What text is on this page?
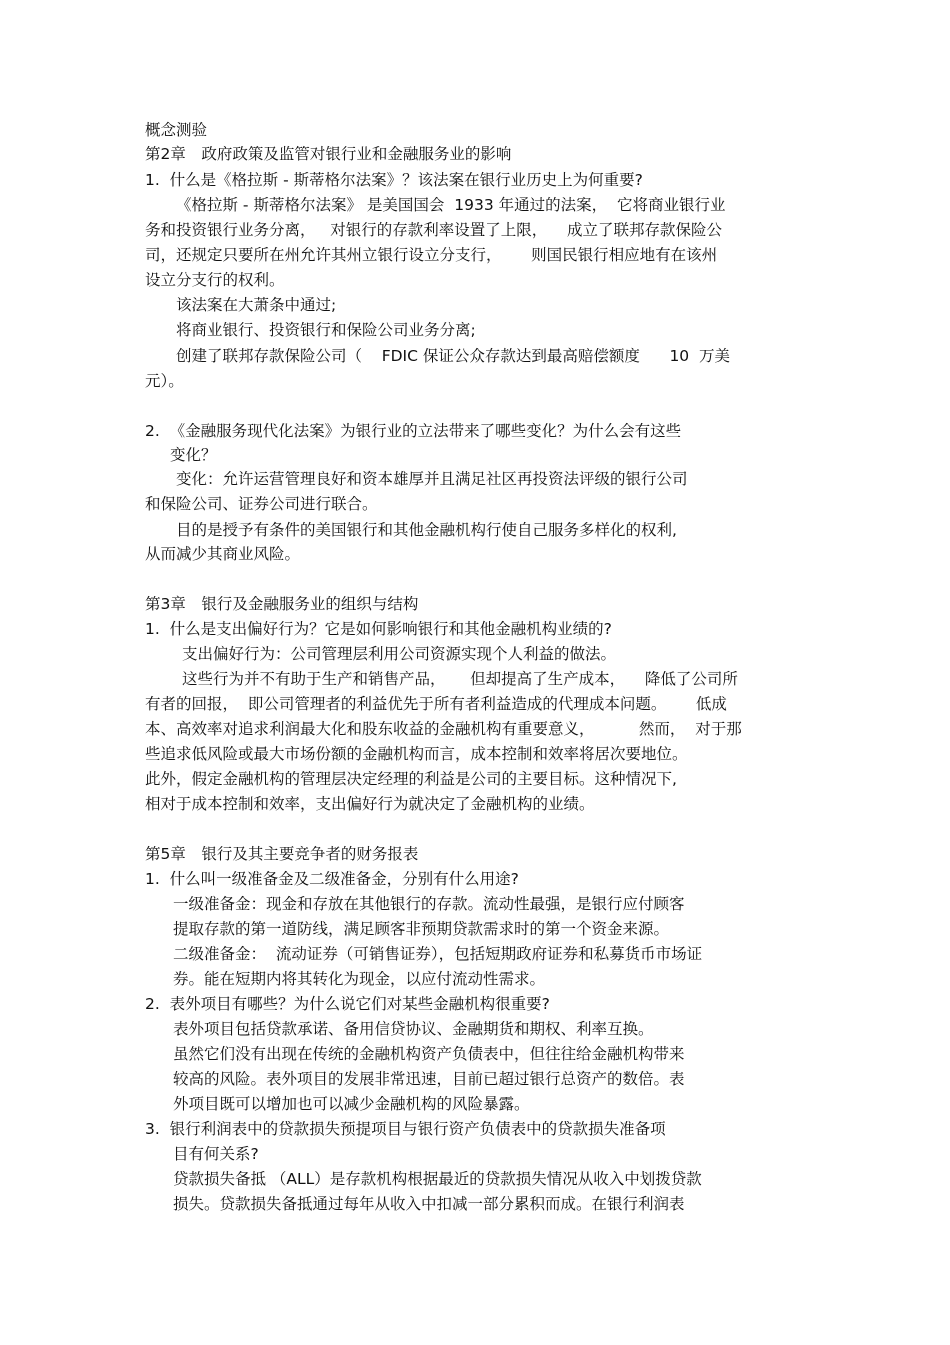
概念测验
第2章　政府政策及监管对银行业和金融服务业的影响
1.  什么是《格拉斯 - 斯蒂格尔法案》？该法案在银行业历史上为何重要?
《格拉斯 - 斯蒂格尔法案》 是美国国会  1933 年通过的法案，  它将商业银行业
务和投资银行业务分离，   对银行的存款利率设置了上限，    成立了联邦存款保险公
司，还规定只要所在州允许其州立银行设立分支行，      则国民银行相应地有在该州
设立分支行的权利。
该法案在大萧条中通过;
将商业银行、投资银行和保险公司业务分离;
创建了联邦存款保险公司（    FDIC 保证公众存款达到最高赔偿额度      10  万美
元）。
2.  《金融服务现代化法案》为银行业的立法带来了哪些变化？为什么会有这些
变化？
变化：允许运营管理良好和资本雄厚并且满足社区再投资法评级的银行公司
和保险公司、证券公司进行联合。
目的是授予有条件的美国银行和其他金融机构行使自己服务多样化的权利,
从而减少其商业风险。
第3章　银行及金融服务业的组织与结构
1.  什么是支出偏好行为？它是如何影响银行和其他金融机构业绩的?
支出偏好行为：公司管理层利用公司资源实现个人利益的做法。
这些行为并不有助于生产和销售产品，     但却提高了生产成本，    降低了公司所
有者的回报，  即公司管理者的利益优先于所有者利益造成的代理成本问题。      低成
本、高效率对追求利润最大化和股东收益的金融机构有重要意义，         然而，  对于那
些追求低风险或最大市场份额的金融机构而言，成本控制和效率将居次要地位。
此外，假定金融机构的管理层决定经理的利益是公司的主要目标。这种情况下,
相对于成本控制和效率，支出偏好行为就决定了金融机构的业绩。
第5章　银行及其主要竞争者的财务报表
1.  什么叫一级准备金及二级准备金，分别有什么用途?
一级准备金：现金和存放在其他银行的存款。流动性最强，是银行应付顾客
提取存款的第一道防线，满足顾客非预期贷款需求时的第一个资金来源。
二级准备金：  流动证券（可销售证券），包括短期政府证券和私募货币市场证
券。能在短期内将其转化为现金，以应付流动性需求。
2.  表外项目有哪些？为什么说它们对某些金融机构很重要?
表外项目包括贷款承诺、备用信贷协议、金融期货和期权、利率互换。
虽然它们没有出现在传统的金融机构资产负债表中，但往往给金融机构带来
较高的风险。表外项目的发展非常迅速，目前已超过银行总资产的数倍。表
外项目既可以增加也可以减少金融机构的风险暴露。
3.  银行利润表中的贷款损失预提项目与银行资产负债表中的贷款损失准备项
目有何关系?
贷款损失备抵 （ALL）是存款机构根据最近的贷款损失情况从收入中划拨贷款
损失。贷款损失备抵通过每年从收入中扣减一部分累积而成。在银行利润表
